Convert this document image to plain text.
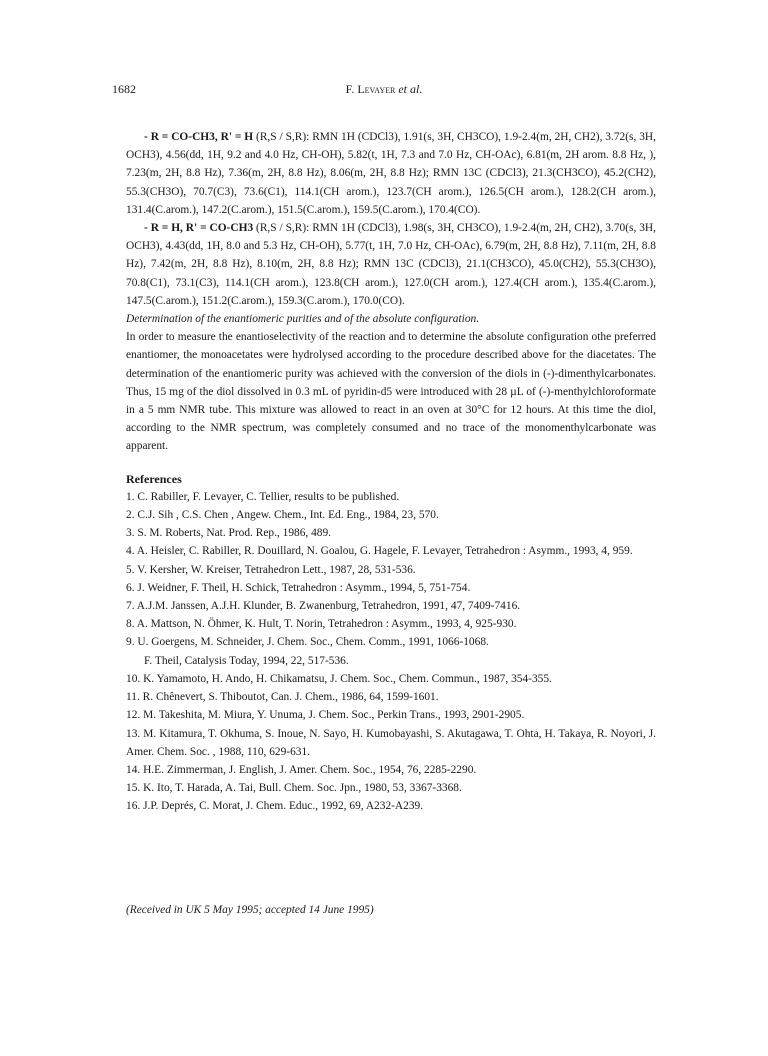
1682	F. Levayer et al.

- R = CO-CH3, R' = H (R,S / S,R): RMN 1H (CDCl3), 1.91(s, 3H, CH3CO), 1.9-2.4(m, 2H, CH2), 3.72(s, 3H, OCH3), 4.56(dd, 1H, 9.2 and 4.0 Hz, CH-OH), 5.82(t, 1H, 7.3 and 7.0 Hz, CH-OAc), 6.81(m, 2H arom. 8.8 Hz, ), 7.23(m, 2H, 8.8 Hz), 7.36(m, 2H, 8.8 Hz), 8.06(m, 2H, 8.8 Hz); RMN 13C (CDCl3), 21.3(CH3CO), 45.2(CH2), 55.3(CH3O), 70.7(C3), 73.6(C1), 114.1(CH arom.), 123.7(CH arom.), 126.5(CH arom.), 128.2(CH arom.), 131.4(C.arom.), 147.2(C.arom.), 151.5(C.arom.), 159.5(C.arom.), 170.4(CO).

- R = H, R' = CO-CH3 (R,S / S,R): RMN 1H (CDCl3), 1.98(s, 3H, CH3CO), 1.9-2.4(m, 2H, CH2), 3.70(s, 3H, OCH3), 4.43(dd, 1H, 8.0 and 5.3 Hz, CH-OH), 5.77(t, 1H, 7.0 Hz, CH-OAc), 6.79(m, 2H, 8.8 Hz), 7.11(m, 2H, 8.8 Hz), 7.42(m, 2H, 8.8 Hz), 8.10(m, 2H, 8.8 Hz); RMN 13C (CDCl3), 21.1(CH3CO), 45.0(CH2), 55.3(CH3O), 70.8(C1), 73.1(C3), 114.1(CH arom.), 123.8(CH arom.), 127.0(CH arom.), 127.4(CH arom.), 135.4(C.arom.), 147.5(C.arom.), 151.2(C.arom.), 159.3(C.arom.), 170.0(CO).

Determination of the enantiomeric purities and of the absolute configuration.

In order to measure the enantioselectivity of the reaction and to determine the absolute configuration othe preferred enantiomer, the monoacetates were hydrolysed according to the procedure described above for the diacetates. The determination of the enantiomeric purity was achieved with the conversion of the diols in (-)-dimenthylcarbonates. Thus, 15 mg of the diol dissolved in 0.3 mL of pyridin-d5 were introduced with 28 µL of (-)-menthylchloroformate in a 5 mm NMR tube. This mixture was allowed to react in an oven at 30°C for 12 hours. At this time the diol, according to the NMR spectrum, was completely consumed and no trace of the monomenthylcarbonate was apparent.

References

1. C. Rabiller, F. Levayer, C. Tellier, results to be published.

2. C.J. Sih , C.S. Chen , Angew. Chem., Int. Ed. Eng., 1984, 23, 570.

3. S. M. Roberts, Nat. Prod. Rep., 1986, 489.

4. A. Heisler, C. Rabiller, R. Douillard, N. Goalou, G. Hagele, F. Levayer, Tetrahedron : Asymm., 1993, 4, 959.

5. V. Kersher, W. Kreiser, Tetrahedron Lett., 1987, 28, 531-536.

6. J. Weidner, F. Theil, H. Schick, Tetrahedron : Asymm., 1994, 5, 751-754.

7. A.J.M. Janssen, A.J.H. Klunder, B. Zwanenburg, Tetrahedron, 1991, 47, 7409-7416.

8. A. Mattson, N. Öhmer, K. Hult, T. Norin, Tetrahedron : Asymm., 1993, 4, 925-930.

9. U. Goergens, M. Schneider, J. Chem. Soc., Chem. Comm., 1991, 1066-1068.

F. Theil, Catalysis Today, 1994, 22, 517-536.

10. K. Yamamoto, H. Ando, H. Chikamatsu, J. Chem. Soc., Chem. Commun., 1987, 354-355.

11. R. Chênevert, S. Thiboutot, Can. J. Chem., 1986, 64, 1599-1601.

12. M. Takeshita, M. Miura, Y. Unuma, J. Chem. Soc., Perkin Trans., 1993, 2901-2905.

13. M. Kitamura, T. Okhuma, S. Inoue, N. Sayo, H. Kumobayashi, S. Akutagawa, T. Ohta, H. Takaya, R. Noyori, J. Amer. Chem. Soc. , 1988, 110, 629-631.

14. H.E. Zimmerman, J. English, J. Amer. Chem. Soc., 1954, 76, 2285-2290.

15. K. Ito, T. Harada, A. Tai, Bull. Chem. Soc. Jpn., 1980, 53, 3367-3368.

16. J.P. Deprés, C. Morat, J. Chem. Educ., 1992, 69, A232-A239.

(Received in UK 5 May 1995; accepted 14 June 1995)
